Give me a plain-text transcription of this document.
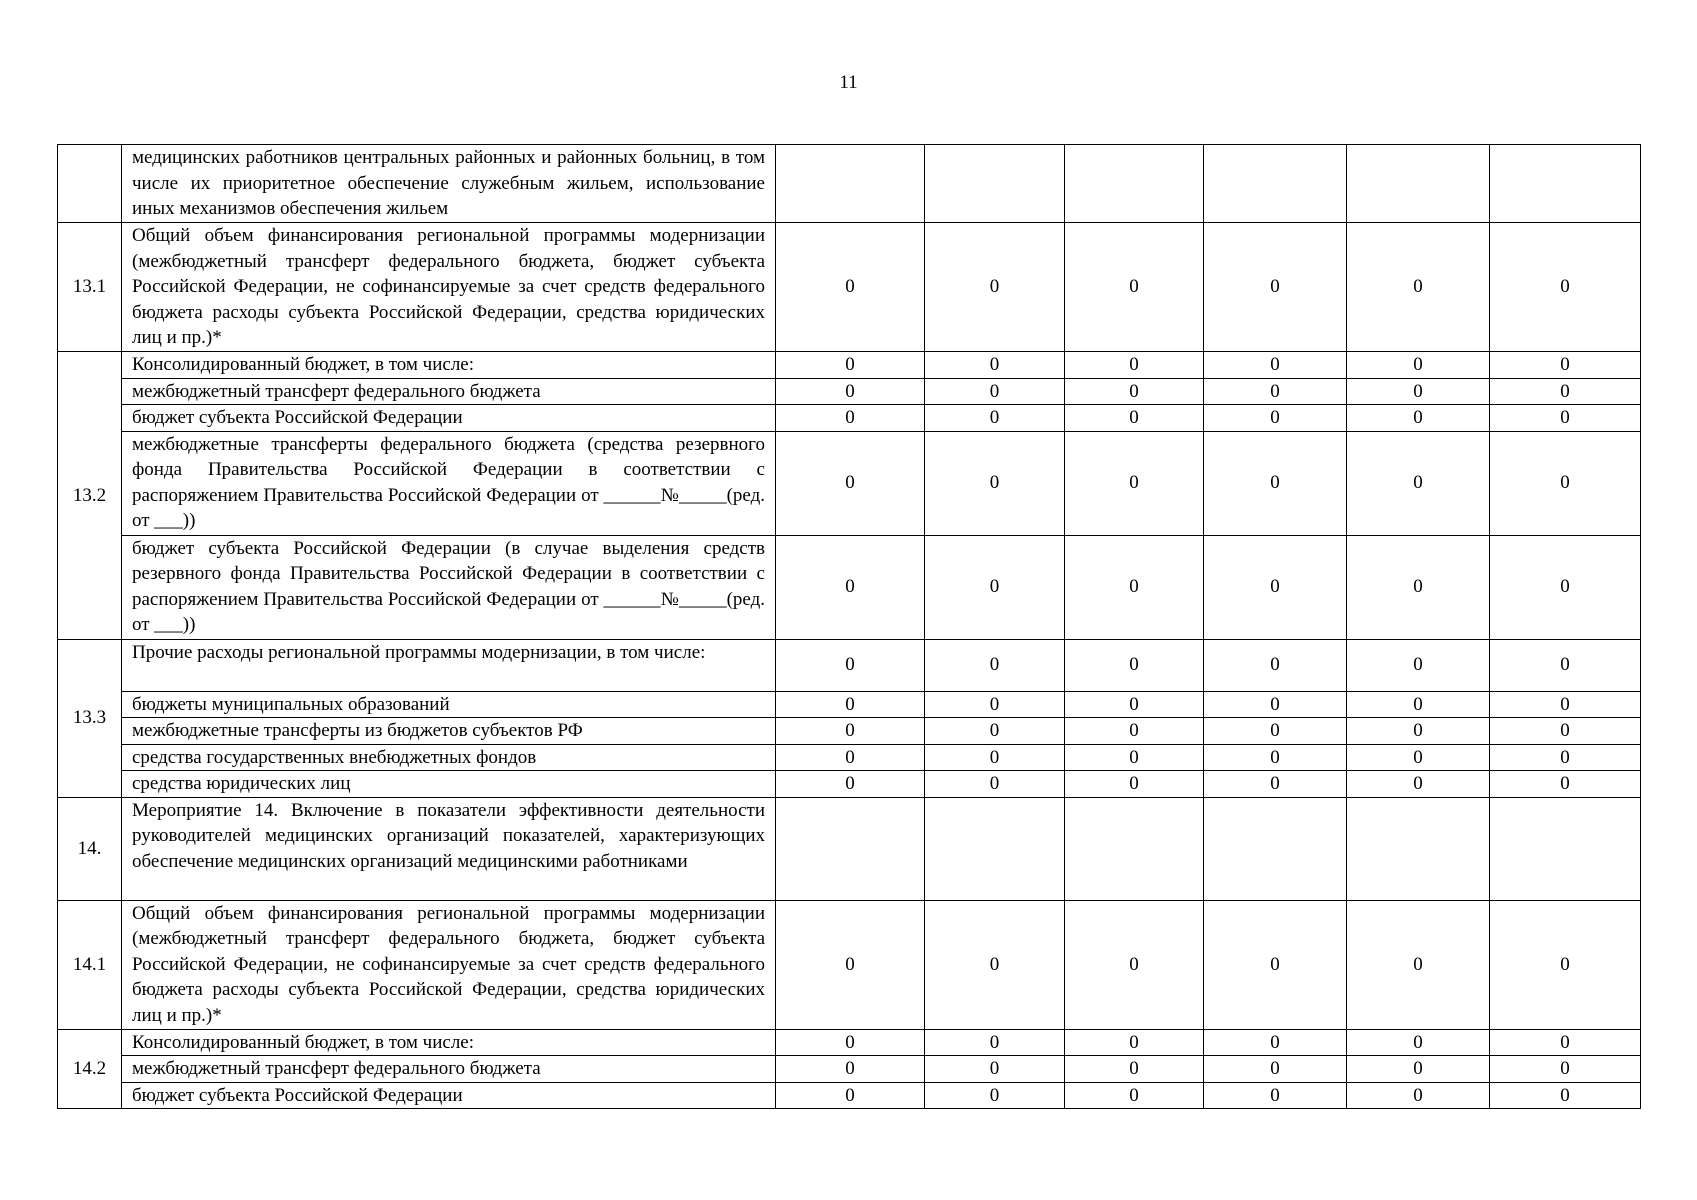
11
	медицинских работников центральных районных и районных больниц, в том числе их приоритетное обеспечение служебным жильем, использование иных механизмов обеспечения жильем						
13.1	Общий объем финансирования региональной программы модернизации (межбюджетный трансферт федерального бюджета, бюджет субъекта Российской Федерации, не софинансируемые за счет средств федерального бюджета расходы субъекта Российской Федерации, средства юридических лиц и пр.)*	0	0	0	0	0	0
13.2	Консолидированный бюджет, в том числе:	0	0	0	0	0	0
	межбюджетный трансферт федерального бюджета	0	0	0	0	0	0
	бюджет субъекта Российской Федерации	0	0	0	0	0	0
	межбюджетные трансферты федерального бюджета (средства резервного фонда Правительства Российской Федерации в соответствии с распоряжением Правительства Российской Федерации от ______№_____(ред. от ___))	0	0	0	0	0	0
	бюджет субъекта Российской Федерации (в случае выделения средств резервного фонда Правительства Российской Федерации в соответствии с распоряжением Правительства Российской Федерации от ______№_____(ред. от ___))	0	0	0	0	0	0
13.3	Прочие расходы региональной программы модернизации, в том числе:	0	0	0	0	0	0
	бюджеты муниципальных образований	0	0	0	0	0	0
	межбюджетные трансферты из бюджетов субъектов РФ	0	0	0	0	0	0
	средства государственных внебюджетных фондов	0	0	0	0	0	0
	средства юридических лиц	0	0	0	0	0	0
14.	Мероприятие 14. Включение в показатели эффективности деятельности руководителей медицинских организаций показателей, характеризующих обеспечение медицинских организаций медицинскими работниками						
14.1	Общий объем финансирования региональной программы модернизации (межбюджетный трансферт федерального бюджета, бюджет субъекта Российской Федерации, не софинансируемые за счет средств федерального бюджета расходы субъекта Российской Федерации, средства юридических лиц и пр.)*	0	0	0	0	0	0
14.2	Консолидированный бюджет, в том числе:	0	0	0	0	0	0
	межбюджетный трансферт федерального бюджета	0	0	0	0	0	0
	бюджет субъекта Российской Федерации	0	0	0	0	0	0
